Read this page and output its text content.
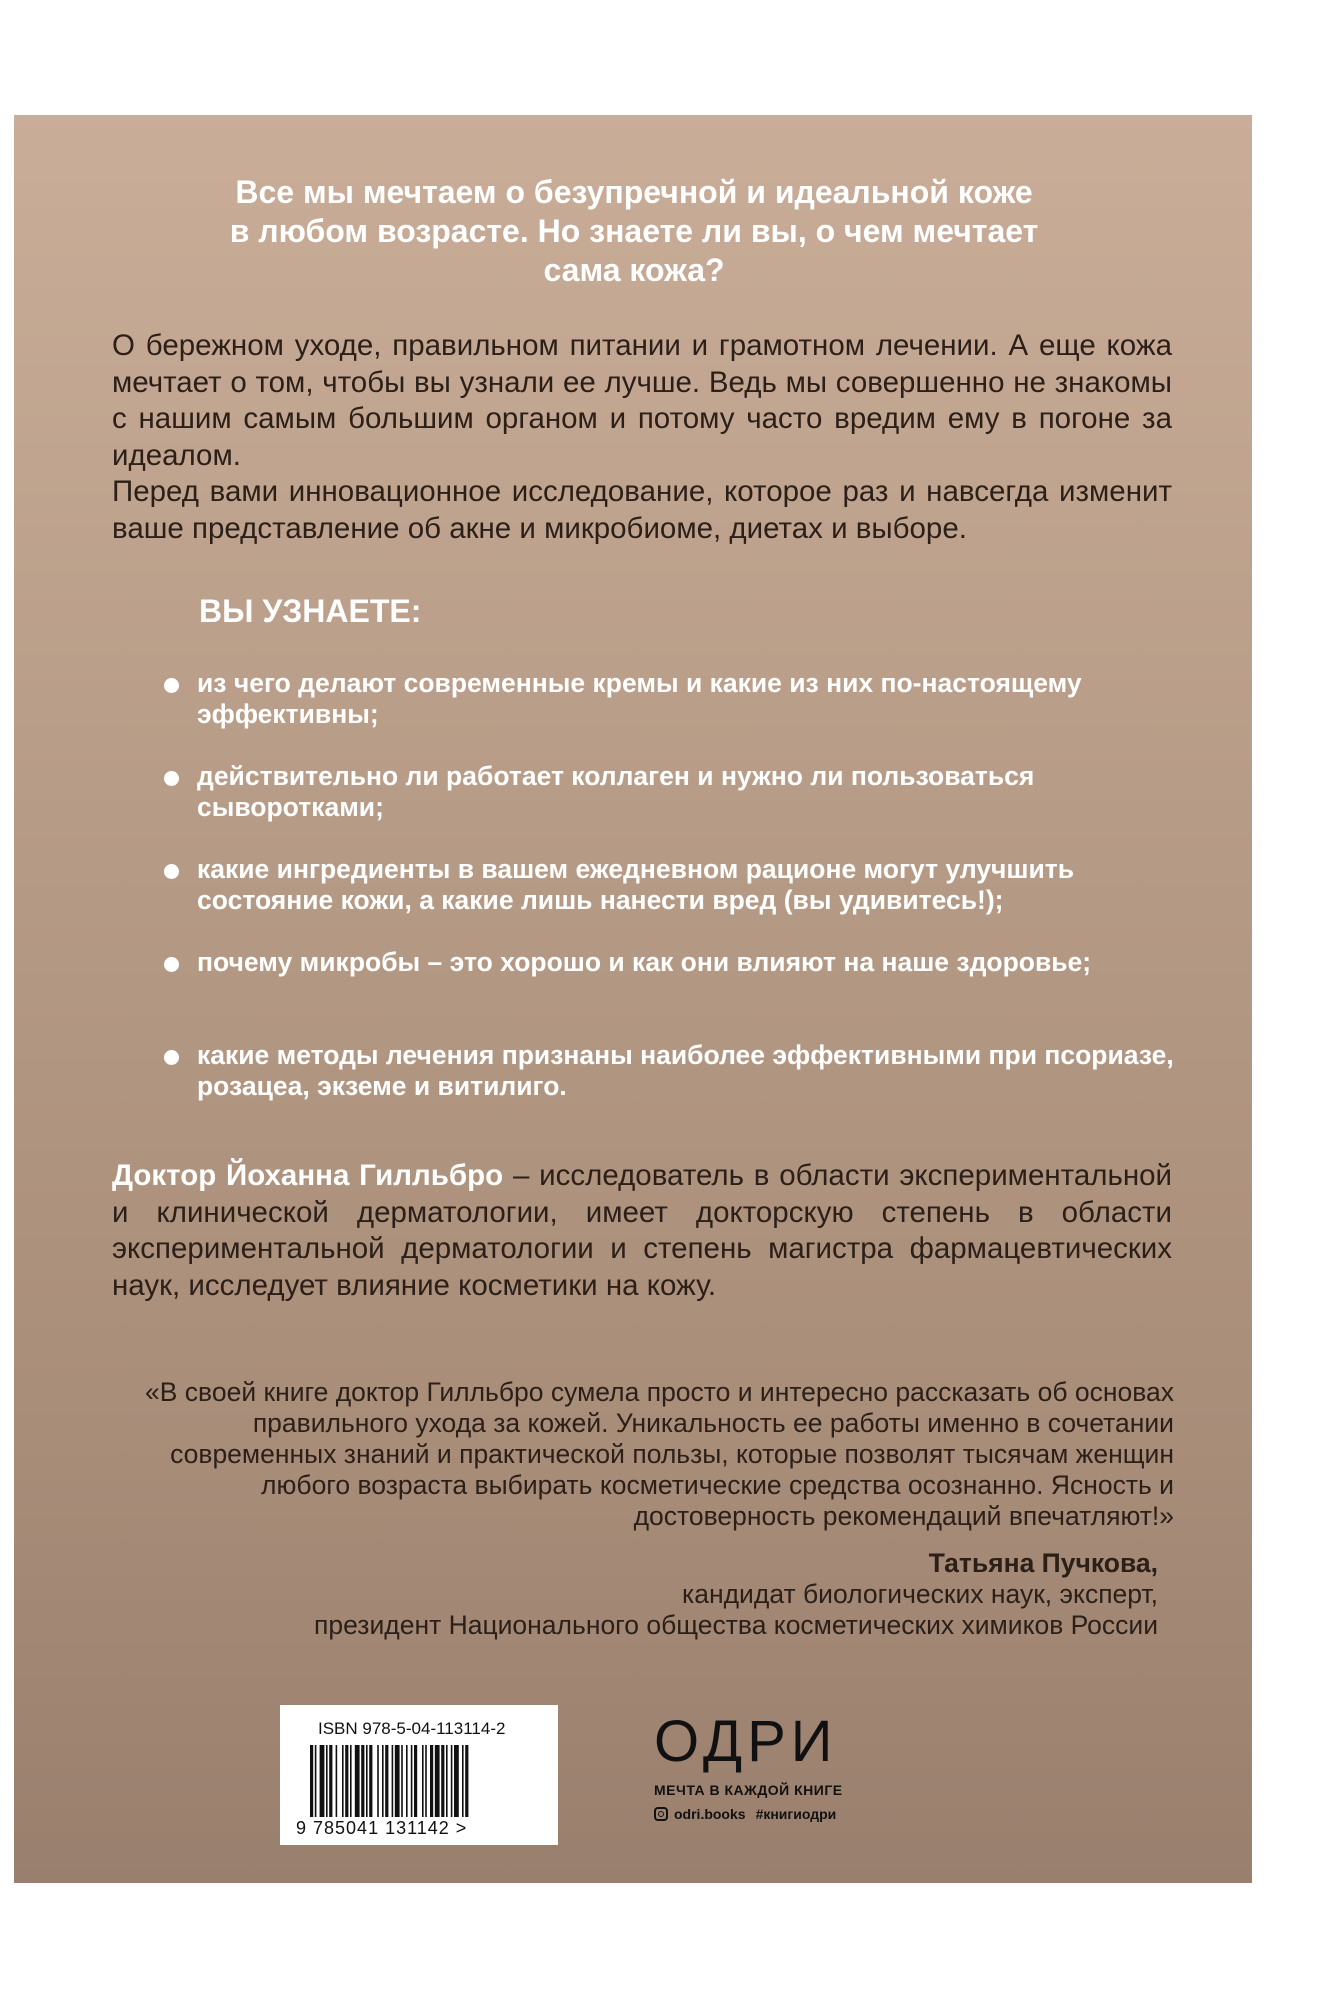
Все мы мечтаем о безупречной и идеальной коже
в любом возрасте. Но знаете ли вы, о чем мечтает
сама кожа?

О бережном уходе, правильном питании и грамотном лечении. А еще кожа мечтает о том, чтобы вы узнали ее лучше. Ведь мы совершенно не знакомы с нашим самым большим органом и потому часто вредим ему в погоне за идеалом.

Перед вами инновационное исследование, которое раз и навсегда изменит ваше представление об акне и микробиоме, диетах и выборе.

ВЫ УЗНАЕТЕ:
из чего делают современные кремы и какие из них по-настоящему эффективны;
действительно ли работает коллаген и нужно ли пользоваться сыворотками;
какие ингредиенты в вашем ежедневном рационе могут улучшить состояние кожи, а какие лишь нанести вред (вы удивитесь!);
почему микробы – это хорошо и как они влияют на наше здоровье;
какие методы лечения признаны наиболее эффективными при псориазе, розацеа, экземе и витилиго.
Доктор Йоханна Гилльбро – исследователь в области экспериментальной и клинической дерматологии, имеет докторскую степень в области экспериментальной дерматологии и степень магистра фармацевтических наук, исследует влияние косметики на кожу.
«В своей книге доктор Гилльбро сумела просто и интересно рассказать об основах правильного ухода за кожей. Уникальность ее работы именно в сочетании современных знаний и практической пользы, которые позволят тысячам женщин любого возраста выбирать косметические средства осознанно. Ясность и достоверность рекомендаций впечатляют!»
Татьяна Пучкова,
кандидат биологических наук, эксперт,
президент Национального общества косметических химиков России
ISBN 978-5-04-113114-2
9 785041 131142 >
ОДРИ
МЕЧТА В КАЖДОЙ КНИГЕ
odri.books #книгиодри
